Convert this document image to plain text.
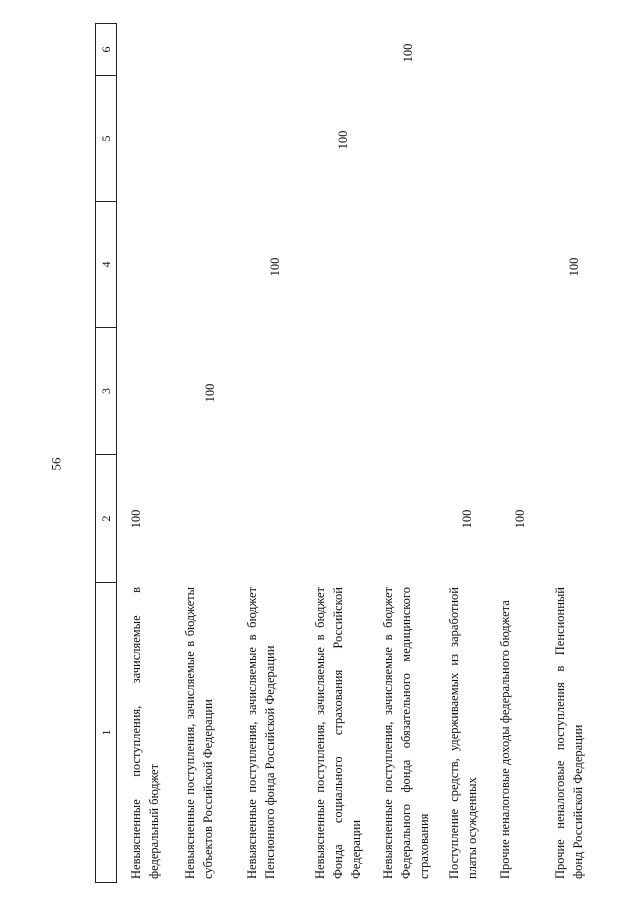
56
1
2
3
4
5
6
Невыясненные поступления, зачисляемые в федеральный бюджет
100
Невыясненные поступления, зачисляемые в бюджеты субъектов Российской Федерации
100
Невыясненные поступления, зачисляемые в бюджет Пенсионного фонда Российской Федерации
100
Невыясненные поступления, зачисляемые в бюджет Фонда социального страхования Российской Федерации
100
Невыясненные поступления, зачисляемые в бюджет Федерального фонда обязательного медицинского страхования
100
Поступление средств, удерживаемых из заработной платы осужденных
100
Прочие неналоговые доходы федерального бюджета
100
Прочие неналоговые поступления в Пенсионный фонд Российской Федерации
100
